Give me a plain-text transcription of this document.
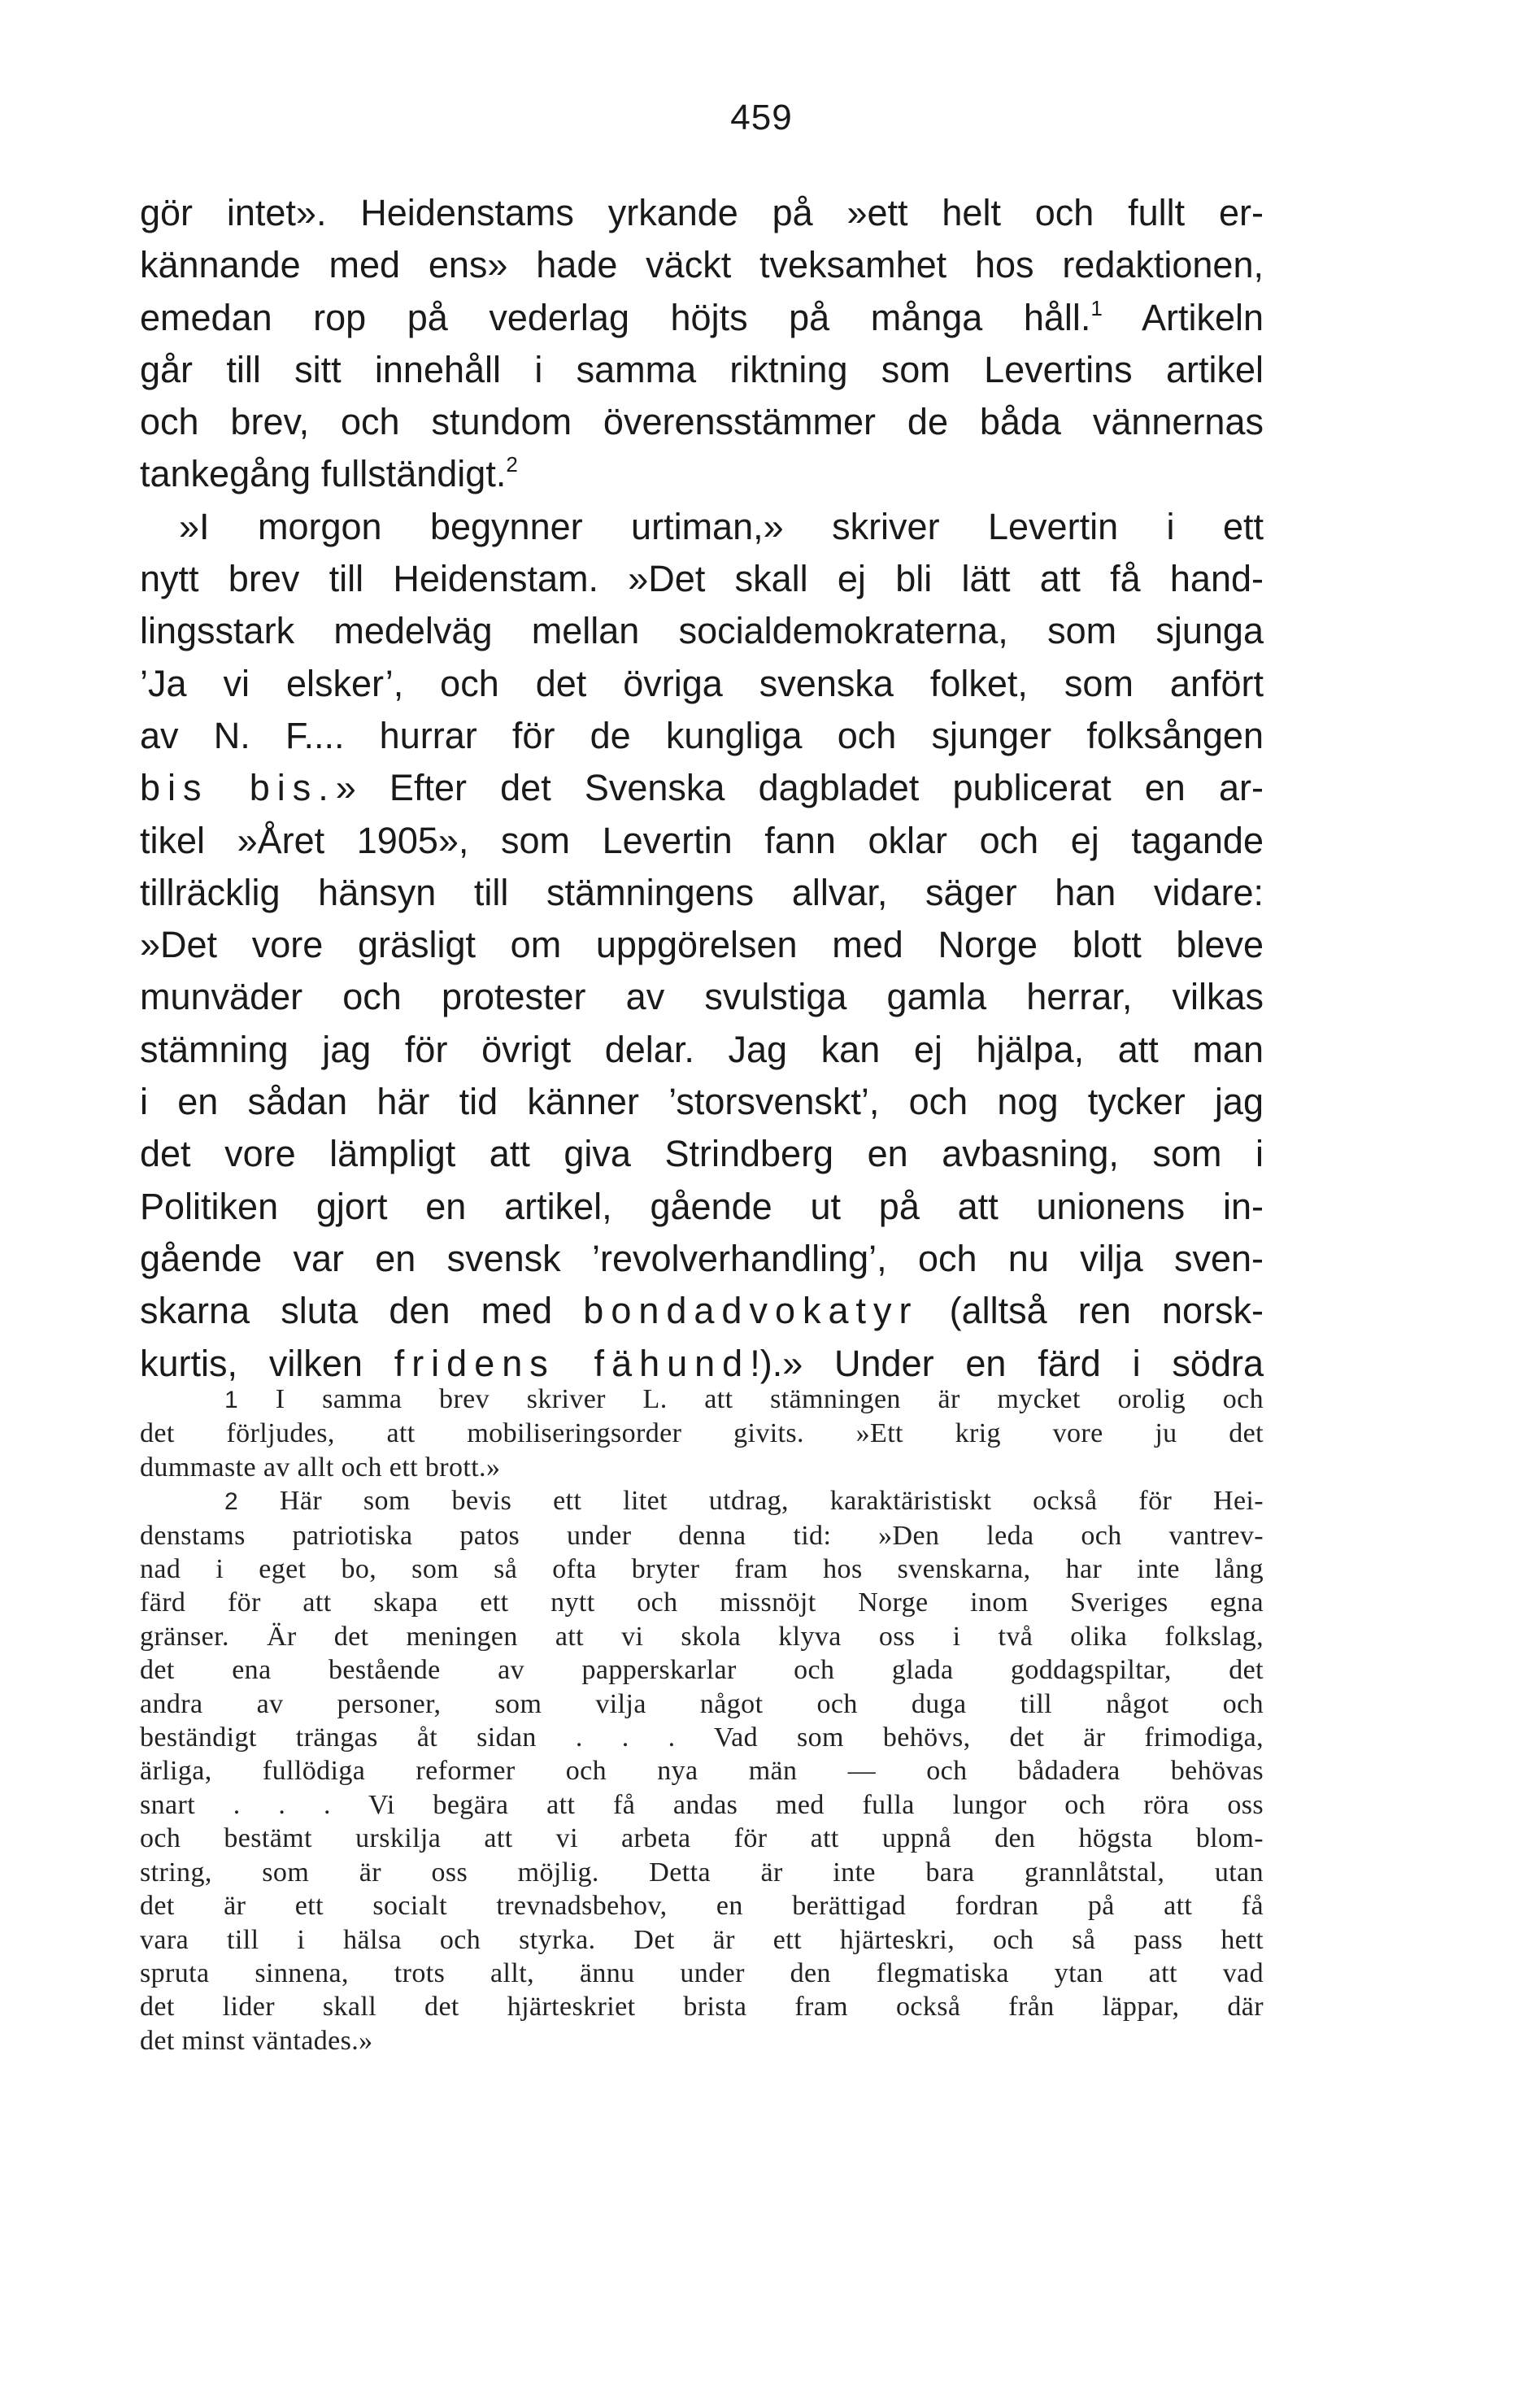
459
gör intet». Heidenstams yrkande på »ett helt och fullt er-
kännande med ens» hade väckt tveksamhet hos redaktionen,
emedan rop på vederlag höjts på många håll.$^1$ Artikeln
går till sitt innehåll i samma riktning som Levertins artikel
och brev, och stundom överensstämmer de båda vännernas
tankegång fullständigt.$^2$
»I morgon begynner urtiman,» skriver Levertin i ett
nytt brev till Heidenstam. »Det skall ej bli lätt att få hand-
lingsstark medelväg mellan socialdemokraterna, som sjunga
’Ja vi elsker’, och det övriga svenska folket, som anfört
av N. F.... hurrar för de kungliga och sjunger folksången
bis bis.» Efter det Svenska dagbladet publicerat en ar-
tikel »Året 1905», som Levertin fann oklar och ej tagande
tillräcklig hänsyn till stämningens allvar, säger han vidare:
»Det vore gräsligt om uppgörelsen med Norge blott bleve
munväder och protester av svulstiga gamla herrar, vilkas
stämning jag för övrigt delar. Jag kan ej hjälpa, att man
i en sådan här tid känner ’storsvenskt’, och nog tycker jag
det vore lämpligt att giva Strindberg en avbasning, som i
Politiken gjort en artikel, gående ut på att unionens in-
gående var en svensk ’revolverhandling’, och nu vilja sven-
skarna sluta den med bondadvokatyr (alltså ren norsk-
kurtis, vilken fridens fähund!).» Under en färd i södra
1 I samma brev skriver L. att stämningen är mycket orolig och
det förljudes, att mobiliseringsorder givits. »Ett krig vore ju det
dummaste av allt och ett brott.»
2 Här som bevis ett litet utdrag, karaktäristiskt också för Hei-
denstams patriotiska patos under denna tid: »Den leda och vantrev-
nad i eget bo, som så ofta bryter fram hos svenskarna, har inte lång
färd för att skapa ett nytt och missnöjt Norge inom Sveriges egna
gränser. Är det meningen att vi skola klyva oss i två olika folkslag,
det ena bestående av papperskarlar och glada goddagspiltar, det
andra av personer, som vilja något och duga till något och
beständigt trängas åt sidan . . . Vad som behövs, det är frimodiga,
ärliga, fullödiga reformer och nya män — och bådadera behövas
snart . . . Vi begära att få andas med fulla lungor och röra oss
och bestämt urskilja att vi arbeta för att uppnå den högsta blom-
string, som är oss möjlig. Detta är inte bara grannlåtstal, utan
det är ett socialt trevnadsbehov, en berättigad fordran på att få
vara till i hälsa och styrka. Det är ett hjärteskri, och så pass hett
spruta sinnena, trots allt, ännu under den flegmatiska ytan att vad
det lider skall det hjärteskriet brista fram också från läppar, där
det minst väntades.»
